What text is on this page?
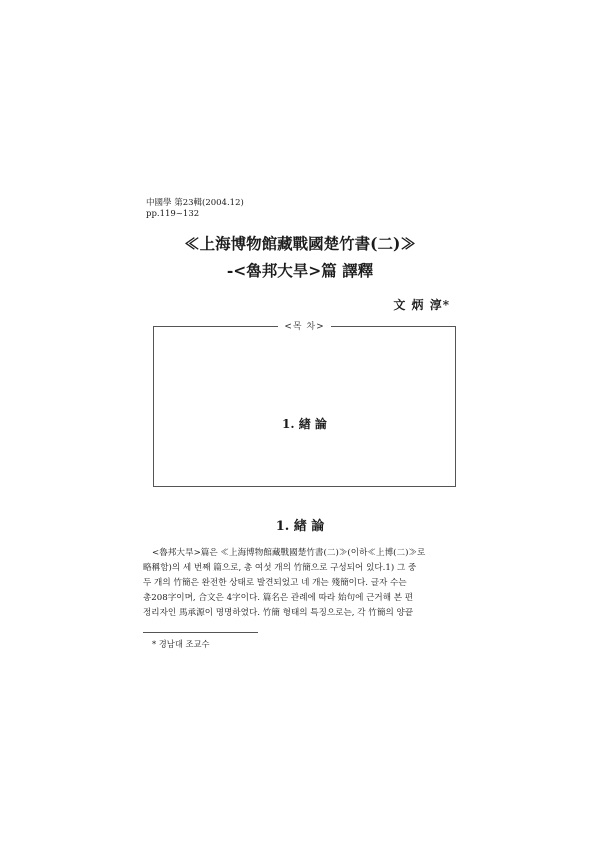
中國學 第23輯(2004.12)
pp.119~132
≪上海博物館藏戰國楚竹書(二)≫
-<魯邦大旱>篇 譯釋
文 炳 淳*
<목 차>
1. 緖 論
1. 緖 論

<魯邦大旱>篇은 ≪上海博物館藏戰國楚竹書(二)≫(이하≪上博(二)≫로

略稱함)의 세 번째 篇으로, 총 여섯 개의 竹簡으로 구성되어 있다.1) 그 중

두 개의 竹簡은 완전한 상태로 발견되었고 네 개는 殘簡이다. 글자 수는

총208字이며, 合文은 4字이다. 篇名은 관례에 따라 始句에 근거해 본 편

정리자인 馬承源이 명명하였다. 竹簡 형태의 특징으로는, 각 竹簡의 양끝

* 경남대 조교수
